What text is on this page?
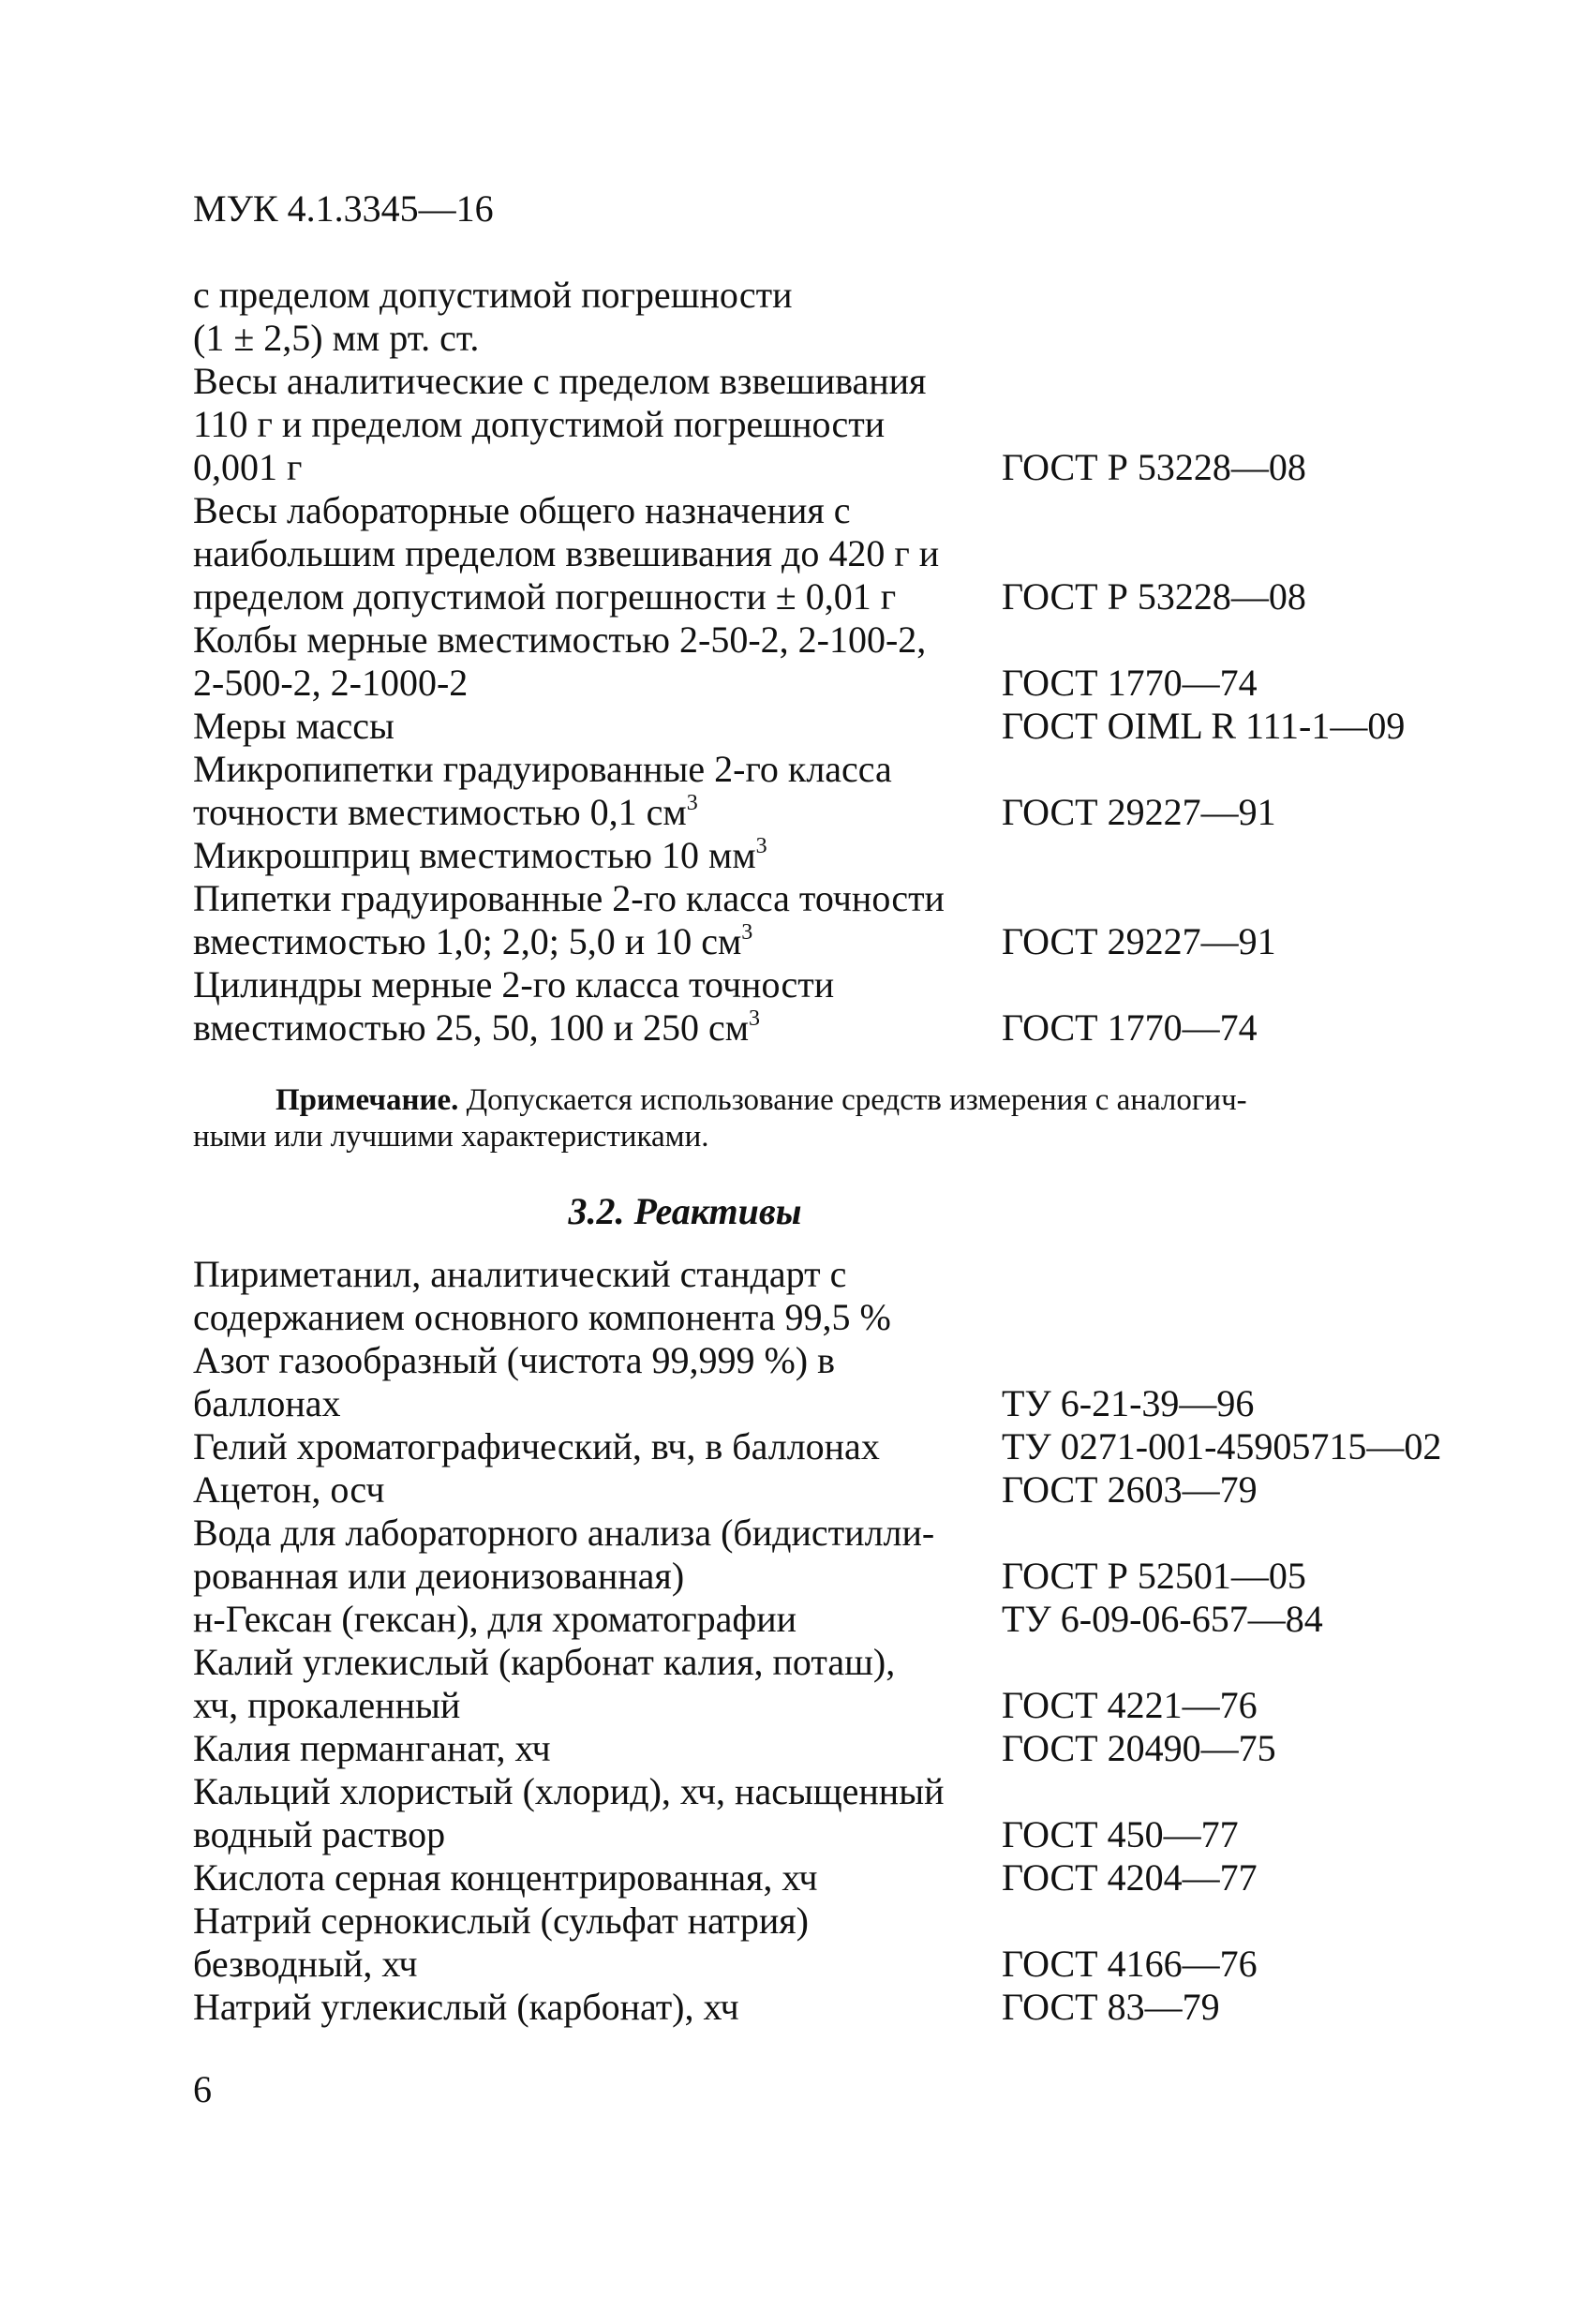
МУК 4.1.3345—16
с пределом допустимой погрешности
(1 ± 2,5) мм рт. ст.
Весы аналитические с пределом взвешивания
110 г и пределом допустимой погрешности
0,001 г	ГОСТ Р 53228—08
Весы лабораторные общего назначения с
наибольшим пределом взвешивания до 420 г и
пределом допустимой погрешности ± 0,01 г	ГОСТ Р 53228—08
Колбы мерные вместимостью 2-50-2, 2-100-2,
2-500-2, 2-1000-2	ГОСТ 1770—74
Меры массы	ГОСТ OIML R 111-1—09
Микропипетки градуированные 2-го класса
точности вместимостью 0,1 $см^3$	ГОСТ 29227—91
Микрошприц вместимостью 10 $мм^3$
Пипетки градуированные 2-го класса точности
вместимостью 1,0; 2,0; 5,0 и 10 $см^3$	ГОСТ 29227—91
Цилиндры мерные 2-го класса точности
вместимостью 25, 50, 100 и 250 $см^3$	ГОСТ 1770—74
Примечание. Допускается использование средств измерения с аналогич-
ными или лучшими характеристиками.
3.2. Реактивы
Пириметанил, аналитический стандарт с
содержанием основного компонента 99,5 %
Азот газообразный (чистота 99,999 %) в
баллонах	ТУ 6-21-39—96
Гелий хроматографический, вч, в баллонах	ТУ 0271-001-45905715—02
Ацетон, осч	ГОСТ 2603—79
Вода для лабораторного анализа (бидистилли-
рованная или деионизованная)	ГОСТ Р 52501—05
н-Гексан (гексан), для хроматографии	ТУ 6-09-06-657—84
Калий углекислый (карбонат калия, поташ),
хч, прокаленный	ГОСТ 4221—76
Калия перманганат, хч	ГОСТ 20490—75
Кальций хлористый (хлорид), хч, насыщенный
водный раствор	ГОСТ 450—77
Кислота серная концентрированная, хч	ГОСТ 4204—77
Натрий сернокислый (сульфат натрия)
безводный, хч	ГОСТ 4166—76
Натрий углекислый (карбонат), хч	ГОСТ 83—79
6
